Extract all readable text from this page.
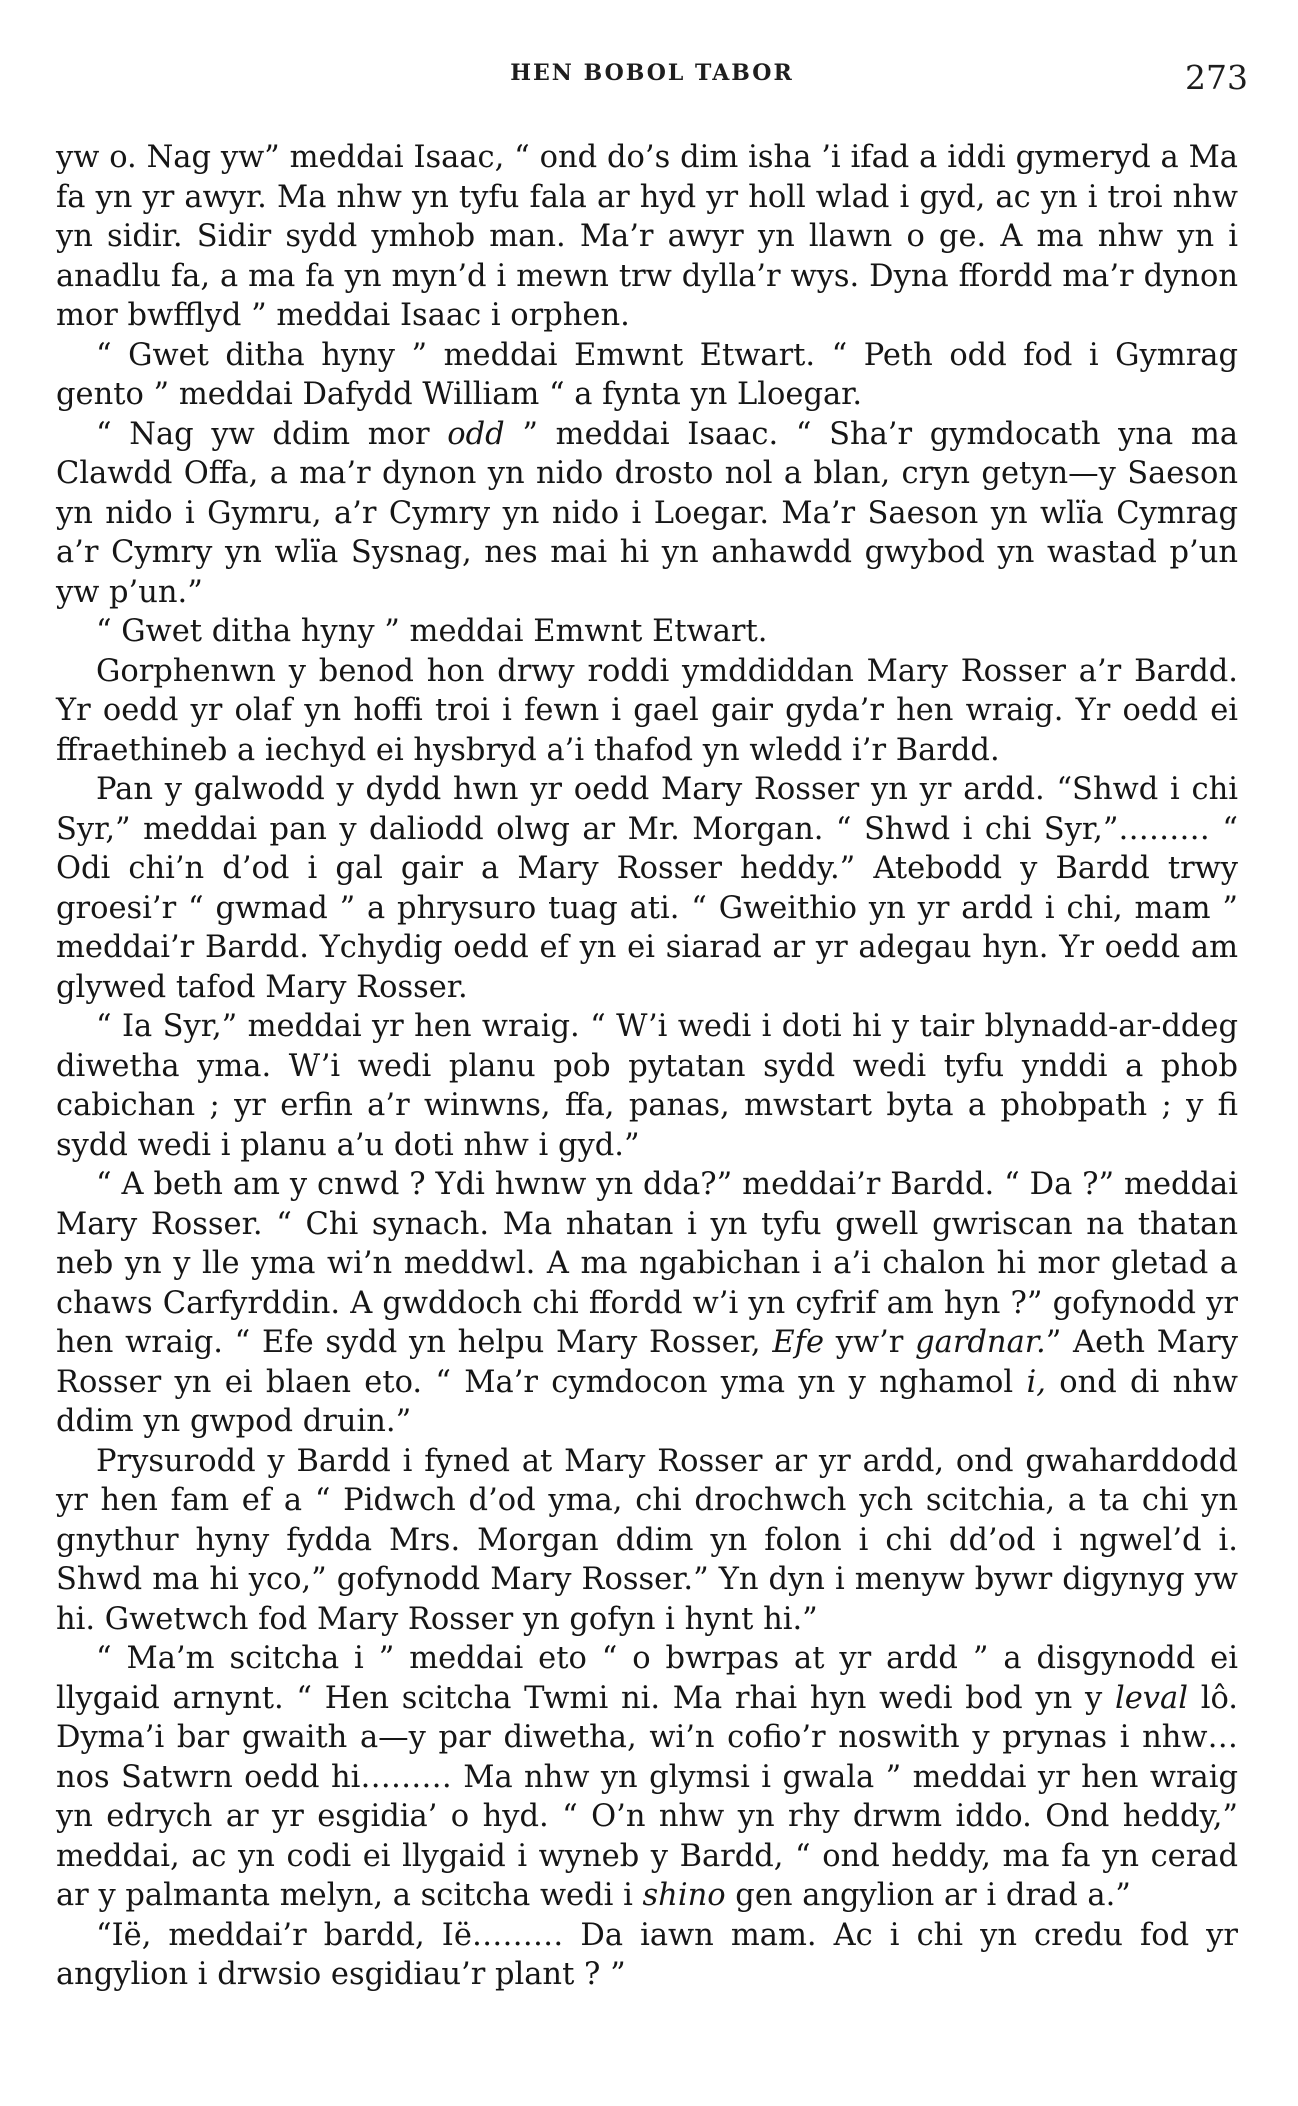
HEN BOBOL TABOR	273

yw o. Nag yw” meddai Isaac, “ ond do’s dim isha ’i ifad a iddi gymeryd a Ma fa yn yr awyr. Ma nhw yn tyfu fala ar hyd yr holl wlad i gyd, ac yn i troi nhw yn sidir. Sidir sydd ymhob man. Ma’r awyr yn llawn o ge. A ma nhw yn i anadlu fa, a ma fa yn myn’d i mewn trw dylla’r wys. Dyna ffordd ma’r dynon mor bwfflyd ” meddai Isaac i orphen.

“ Gwet ditha hyny ” meddai Emwnt Etwart. “ Peth odd fod i Gymrag gento ” meddai Dafydd William “ a fynta yn Lloegar.

“ Nag yw ddim mor odd ” meddai Isaac. “ Sha’r gymdocath yna ma Clawdd Offa, a ma’r dynon yn nido drosto nol a blan, cryn getyn—y Saeson yn nido i Gymru, a’r Cymry yn nido i Loegar. Ma’r Saeson yn wlïa Cymrag a’r Cymry yn wlïa Sysnag, nes mai hi yn anhawdd gwybod yn wastad p’un yw p’un.”

“ Gwet ditha hyny ” meddai Emwnt Etwart.

Gorphenwn y benod hon drwy roddi ymddiddan Mary Rosser a’r Bardd. Yr oedd yr olaf yn hoffi troi i fewn i gael gair gyda’r hen wraig. Yr oedd ei ffraethineb a iechyd ei hysbryd a’i thafod yn wledd i’r Bardd.

Pan y galwodd y dydd hwn yr oedd Mary Rosser yn yr ardd. “Shwd i chi Syr,” meddai pan y daliodd olwg ar Mr. Morgan. “ Shwd i chi Syr,”……… “ Odi chi’n d’od i gal gair a Mary Rosser heddy.” Atebodd y Bardd trwy groesi’r “ gwmad ” a phrysuro tuag ati. “ Gweithio yn yr ardd i chi, mam ” meddai’r Bardd. Ychydig oedd ef yn ei siarad ar yr adegau hyn. Yr oedd am glywed tafod Mary Rosser.

“ Ia Syr,” meddai yr hen wraig. “ W’i wedi i doti hi y tair blynadd-ar-ddeg diwetha yma. W’i wedi planu pob pytatan sydd wedi tyfu ynddi a phob cabichan ; yr erfin a’r winwns, ffa, panas, mwstart byta a phobpath ; y fi sydd wedi i planu a’u doti nhw i gyd.”

“ A beth am y cnwd ? Ydi hwnw yn dda?” meddai’r Bardd. “ Da ?” meddai Mary Rosser. “ Chi synach. Ma nhatan i yn tyfu gwell gwriscan na thatan neb yn y lle yma wi’n meddwl. A ma ngabichan i a’i chalon hi mor gletad a chaws Carfyrddin. A gwddoch chi ffordd w’i yn cyfrif am hyn ?” gofynodd yr hen wraig. “ Efe sydd yn helpu Mary Rosser, Efe yw’r gardnar.” Aeth Mary Rosser yn ei blaen eto. “ Ma’r cymdocon yma yn y nghamol i, ond di nhw ddim yn gwpod druin.”

Prysurodd y Bardd i fyned at Mary Rosser ar yr ardd, ond gwaharddodd yr hen fam ef a “ Pidwch d’od yma, chi drochwch ych scitchia, a ta chi yn gnythur hyny fydda Mrs. Morgan ddim yn folon i chi dd’od i ngwel’d i. Shwd ma hi yco,” gofynodd Mary Rosser.” Yn dyn i menyw bywr digynyg yw hi. Gwetwch fod Mary Rosser yn gofyn i hynt hi.”

“ Ma’m scitcha i ” meddai eto “ o bwrpas at yr ardd ” a disgynodd ei llygaid arnynt. “ Hen scitcha Twmi ni. Ma rhai hyn wedi bod yn y leval lô. Dyma’i bar gwaith a—y par diwetha, wi’n cofio’r noswith y prynas i nhw…nos Satwrn oedd hi……… Ma nhw yn glymsi i gwala ” meddai yr hen wraig yn edrych ar yr esgidia’ o hyd. “ O’n nhw yn rhy drwm iddo. Ond heddy,” meddai, ac yn codi ei llygaid i wyneb y Bardd, “ ond heddy, ma fa yn cerad ar y palmanta melyn, a scitcha wedi i shino gen angylion ar i drad a.”

“Ië, meddai’r bardd, Ië……… Da iawn mam. Ac i chi yn credu fod yr angylion i drwsio esgidiau’r plant ? ”
